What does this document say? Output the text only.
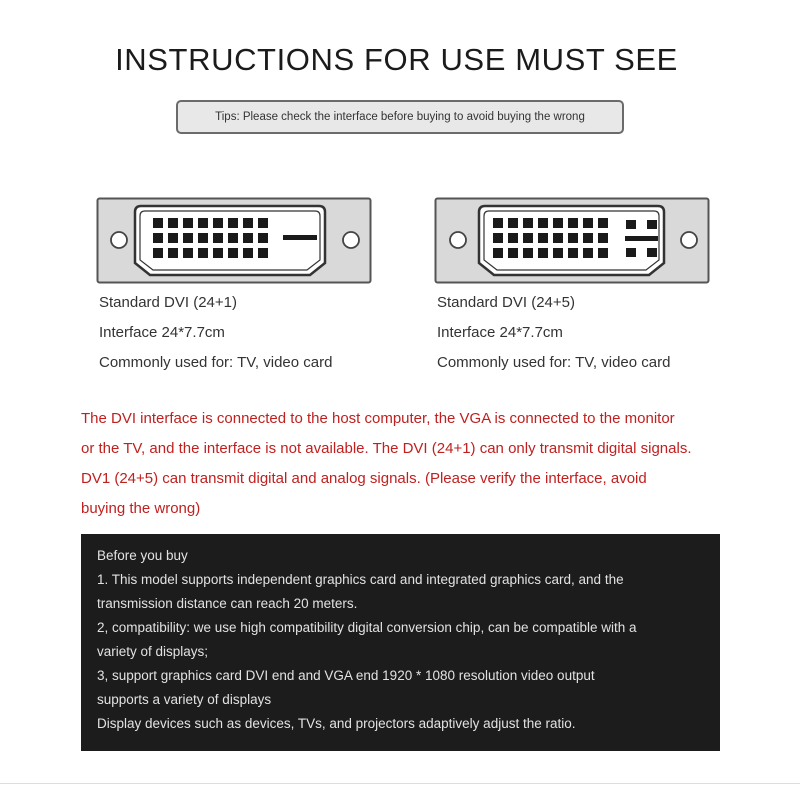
INSTRUCTIONS FOR USE MUST SEE
Tips: Please check the interface before buying to avoid buying the wrong
Standard DVI (24+1)
Interface 24*7.7cm
Commonly used for: TV, video card
Standard DVI (24+5)
Interface 24*7.7cm
Commonly used for: TV, video card
The DVI interface is connected to the host computer, the VGA is connected to the monitor
or the TV, and the interface is not available. The DVI (24+1) can only transmit digital signals.
DV1 (24+5) can transmit digital and analog signals. (Please verify the interface, avoid
buying the wrong)
Before you buy
1. This model supports independent graphics card and integrated graphics card, and the
transmission distance can reach 20 meters.
2, compatibility: we use high compatibility digital conversion chip, can be compatible with a
variety of displays;
3, support graphics card DVI end and VGA end 1920 * 1080 resolution video output
supports a variety of displays
Display devices such as devices, TVs, and projectors adaptively adjust the ratio.
